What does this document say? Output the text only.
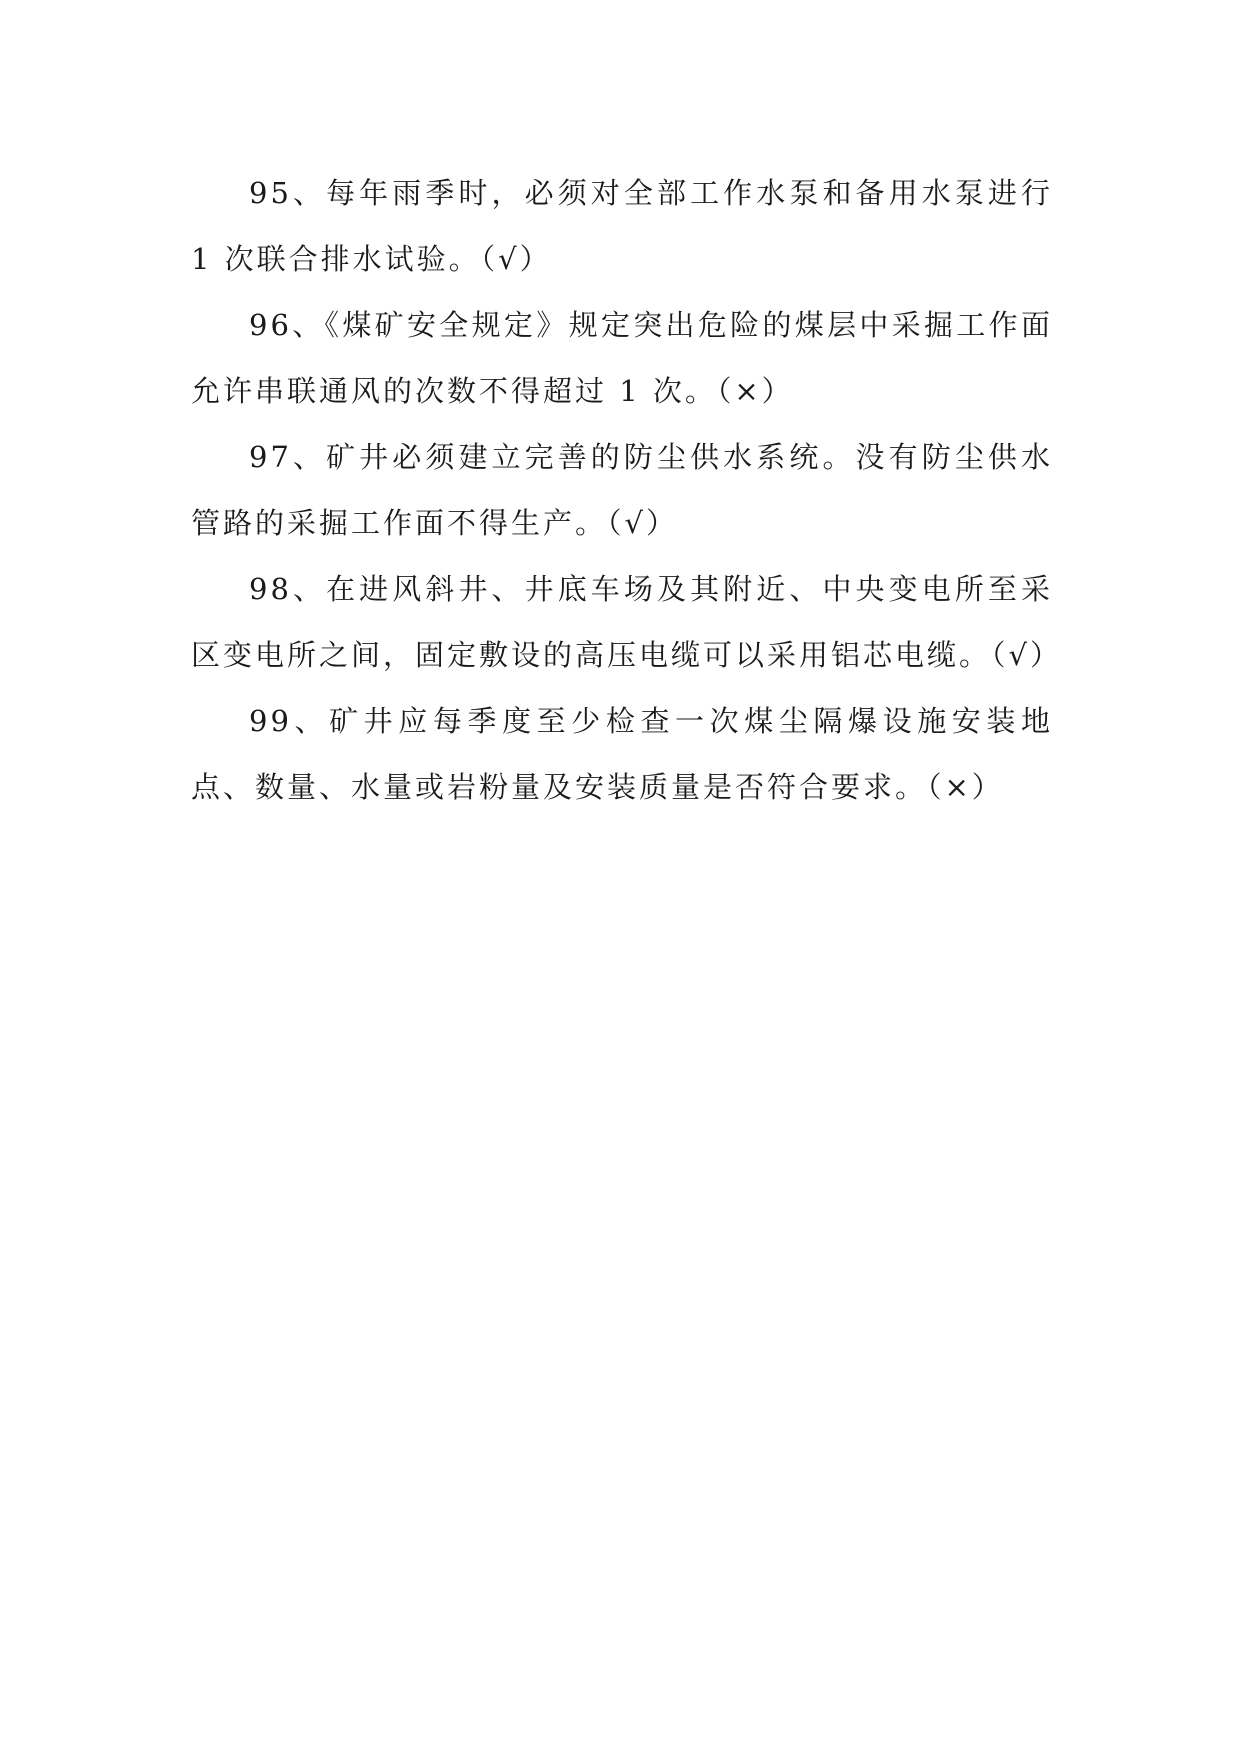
95、每年雨季时，必须对全部工作水泵和备用水泵进行 1 次联合排水试验。（√）

96、《煤矿安全规定》规定突出危险的煤层中采掘工作面允许串联通风的次数不得超过 1 次。（×）

97、矿井必须建立完善的防尘供水系统。没有防尘供水管路的采掘工作面不得生产。（√）

98、在进风斜井、井底车场及其附近、中央变电所至采区变电所之间，固定敷设的高压电缆可以采用铝芯电缆。（√）

99、矿井应每季度至少检查一次煤尘隔爆设施安装地点、数量、水量或岩粉量及安装质量是否符合要求。（×）
